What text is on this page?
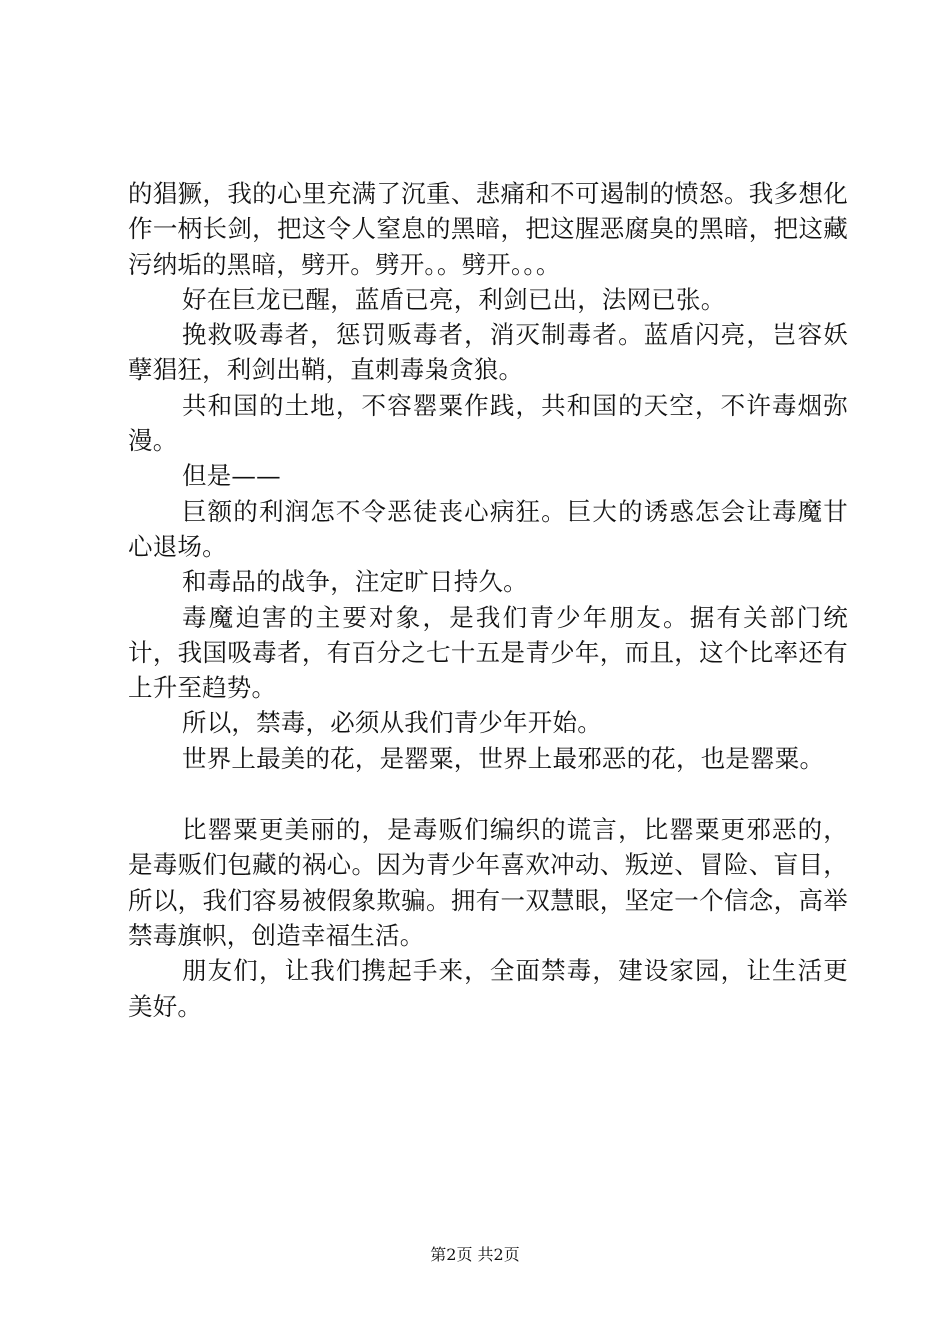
的猖獗，我的心里充满了沉重、悲痛和不可遏制的愤怒。我多想化作一柄长剑，把这令人窒息的黑暗，把这腥恶腐臭的黑暗，把这藏污纳垢的黑暗，劈开。劈开。。劈开。。。

好在巨龙已醒，蓝盾已亮，利剑已出，法网已张。

挽救吸毒者，惩罚贩毒者，消灭制毒者。蓝盾闪亮，岂容妖孽猖狂，利剑出鞘，直刺毒枭贪狼。

共和国的土地，不容罂粟作践，共和国的天空，不许毒烟弥漫。

但是——

巨额的利润怎不令恶徒丧心病狂。巨大的诱惑怎会让毒魔甘心退场。

和毒品的战争，注定旷日持久。

毒魔迫害的主要对象，是我们青少年朋友。据有关部门统计，我国吸毒者，有百分之七十五是青少年，而且，这个比率还有上升至趋势。

所以，禁毒，必须从我们青少年开始。

世界上最美的花，是罂粟，世界上最邪恶的花，也是罂粟。

比罂粟更美丽的，是毒贩们编织的谎言，比罂粟更邪恶的，是毒贩们包藏的祸心。因为青少年喜欢冲动、叛逆、冒险、盲目，所以，我们容易被假象欺骗。拥有一双慧眼，坚定一个信念，高举禁毒旗帜，创造幸福生活。

朋友们，让我们携起手来，全面禁毒，建设家园，让生活更美好。

第2页 共2页
